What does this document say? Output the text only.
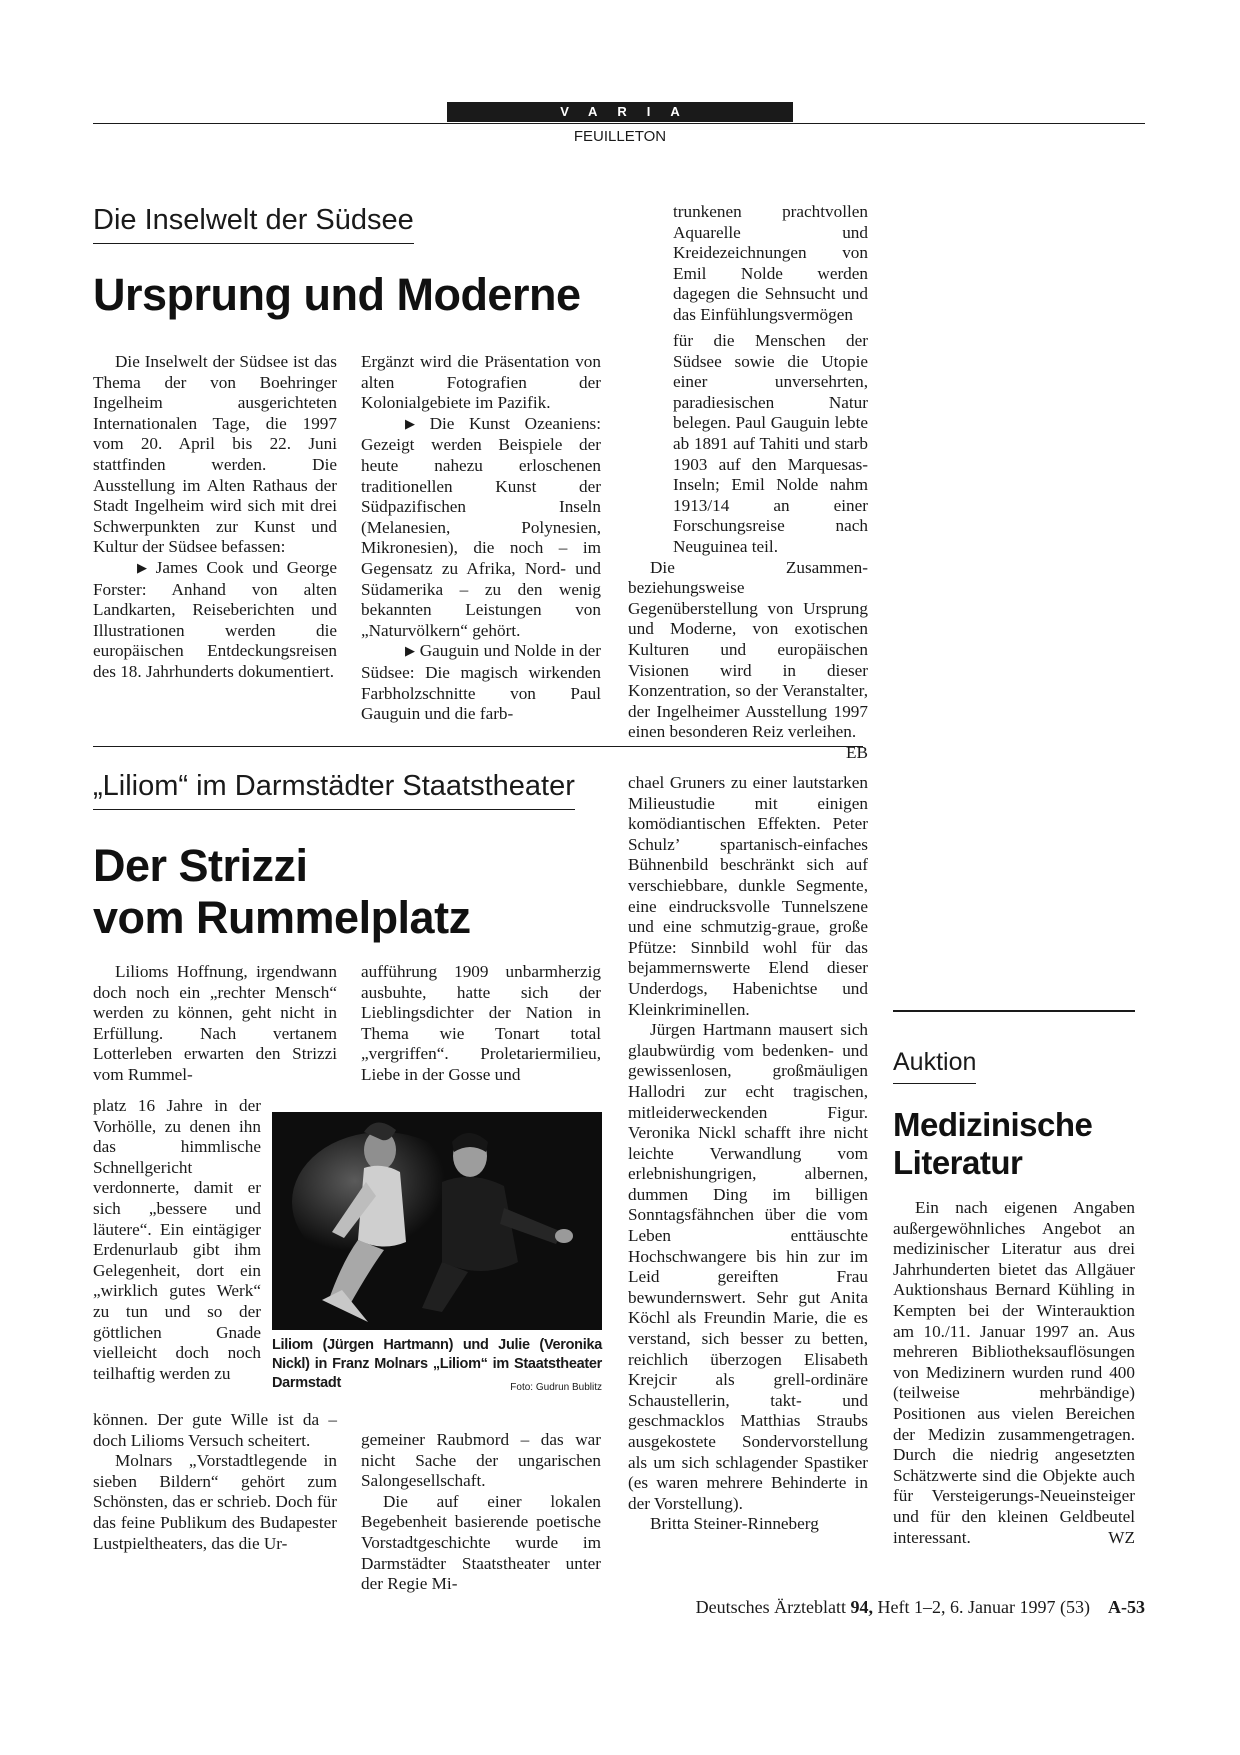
VARIA
FEUILLETON
Die Inselwelt der Südsee
Ursprung und Moderne

Die Inselwelt der Südsee ist das Thema der von Boehringer Ingelheim ausgerichteten Internationalen Tage, die 1997 vom 20. April bis 22. Juni stattfinden werden. Die Ausstellung im Alten Rathaus der Stadt Ingelheim wird sich mit drei Schwerpunkten zur Kunst und Kultur der Südsee befassen:

▶ James Cook und George Forster: Anhand von alten Landkarten, Reiseberichten und Illustrationen werden die europäischen Entdeckungsreisen des 18. Jahrhunderts dokumentiert.

Ergänzt wird die Präsentation von alten Fotografien der Kolonialgebiete im Pazifik.

▶ Die Kunst Ozeaniens: Gezeigt werden Beispiele der heute nahezu erloschenen traditionellen Kunst der Südpazifischen Inseln (Melanesien, Polynesien, Mikronesien), die noch – im Gegensatz zu Afrika, Nord- und Südamerika – zu den wenig bekannten Leistungen von „Naturvölkern“ gehört.

▶ Gauguin und Nolde in der Südsee: Die magisch wirkenden Farbholzschnitte von Paul Gauguin und die farb-

trunkenen prachtvollen Aquarelle und Kreidezeichnungen von Emil Nolde werden dagegen die Sehnsucht und das Einfühlungsvermögen

für die Menschen der Südsee sowie die Utopie einer unversehrten, paradiesischen Natur belegen. Paul Gauguin lebte ab 1891 auf Tahiti und starb 1903 auf den Marquesas-Inseln; Emil Nolde nahm 1913/14 an einer Forschungsreise nach Neuguinea teil.

Die Zusammen- beziehungsweise Gegenüberstellung von Ursprung und Moderne, von exotischen Kulturen und europäischen Visionen wird in dieser Konzentration, so der Veranstalter, der Ingelheimer Ausstellung 1997 einen besonderen Reiz verleihen.

EB

„Liliom“ im Darmstädter Staatstheater
Der Strizzi
vom Rummelplatz

Lilioms Hoffnung, irgendwann doch noch ein „rechter Mensch“ werden zu können, geht nicht in Erfüllung. Nach vertanem Lotterleben erwarten den Strizzi vom Rummel-

platz 16 Jahre in der Vorhölle, zu denen ihn das himmlische Schnellgericht verdonnerte, damit er sich „bessere und läutere“. Ein eintägiger Erdenurlaub gibt ihm Gelegenheit, dort ein „wirklich gutes Werk“ zu tun und so der göttlichen Gnade vielleicht doch noch teilhaftig werden zu

können. Der gute Wille ist da – doch Lilioms Versuch scheitert.

Molnars „Vorstadtlegende in sieben Bildern“ gehört zum Schönsten, das er schrieb. Doch für das feine Publikum des Budapester Lustpieltheaters, das die Ur-

aufführung 1909 unbarmherzig ausbuhte, hatte sich der Lieblingsdichter der Nation in Thema wie Tonart total „vergriffen“. Proletariermilieu, Liebe in der Gosse und

gemeiner Raubmord – das war nicht Sache der ungarischen Salongesellschaft.

Die auf einer lokalen Begebenheit basierende poetische Vorstadtgeschichte wurde im Darmstädter Staatstheater unter der Regie Mi-

Liliom (Jürgen Hartmann) und Julie (Veronika Nickl) in Franz Molnars „Liliom“ im Staatstheater Darmstadt	Foto: Gudrun Bublitz

chael Gruners zu einer lautstarken Milieustudie mit einigen komödiantischen Effekten. Peter Schulz’ spartanisch-einfaches Bühnenbild beschränkt sich auf verschiebbare, dunkle Segmente, eine eindrucksvolle Tunnelszene und eine schmutzig-graue, große Pfütze: Sinnbild wohl für das bejammernswerte Elend dieser Underdogs, Habenichtse und Kleinkriminellen.

Jürgen Hartmann mausert sich glaubwürdig vom bedenken- und gewissenlosen, großmäuligen Hallodri zur echt tragischen, mitleiderweckenden Figur. Veronika Nickl schafft ihre nicht leichte Verwandlung vom erlebnishungrigen, albernen, dummen Ding im billigen Sonntagsfähnchen über die vom Leben enttäuschte Hochschwangere bis hin zur im Leid gereiften Frau bewundernswert. Sehr gut Anita Köchl als Freundin Marie, die es verstand, sich besser zu betten, reichlich überzogen Elisabeth Krejcir als grell-ordinäre Schaustellerin, takt- und geschmacklos Matthias Straubs ausgekostete Sondervorstellung als um sich schlagender Spastiker (es waren mehrere Behinderte in der Vorstellung).

Britta Steiner-Rinneberg

Auktion
Medizinische
Literatur

Ein nach eigenen Angaben außergewöhnliches Angebot an medizinischer Literatur aus drei Jahrhunderten bietet das Allgäuer Auktionshaus Bernard Kühling in Kempten bei der Winterauktion am 10./11. Januar 1997 an. Aus mehreren Bibliotheksauflösungen von Medizinern wurden rund 400 (teilweise mehrbändige) Positionen aus vielen Bereichen der Medizin zusammengetragen. Durch die niedrig angesetzten Schätzwerte sind die Objekte auch für Versteigerungs-Neueinsteiger und für den kleinen Geldbeutel interessant.	WZ

Deutsches Ärzteblatt 94, Heft 1–2, 6. Januar 1997 (53) A-53
